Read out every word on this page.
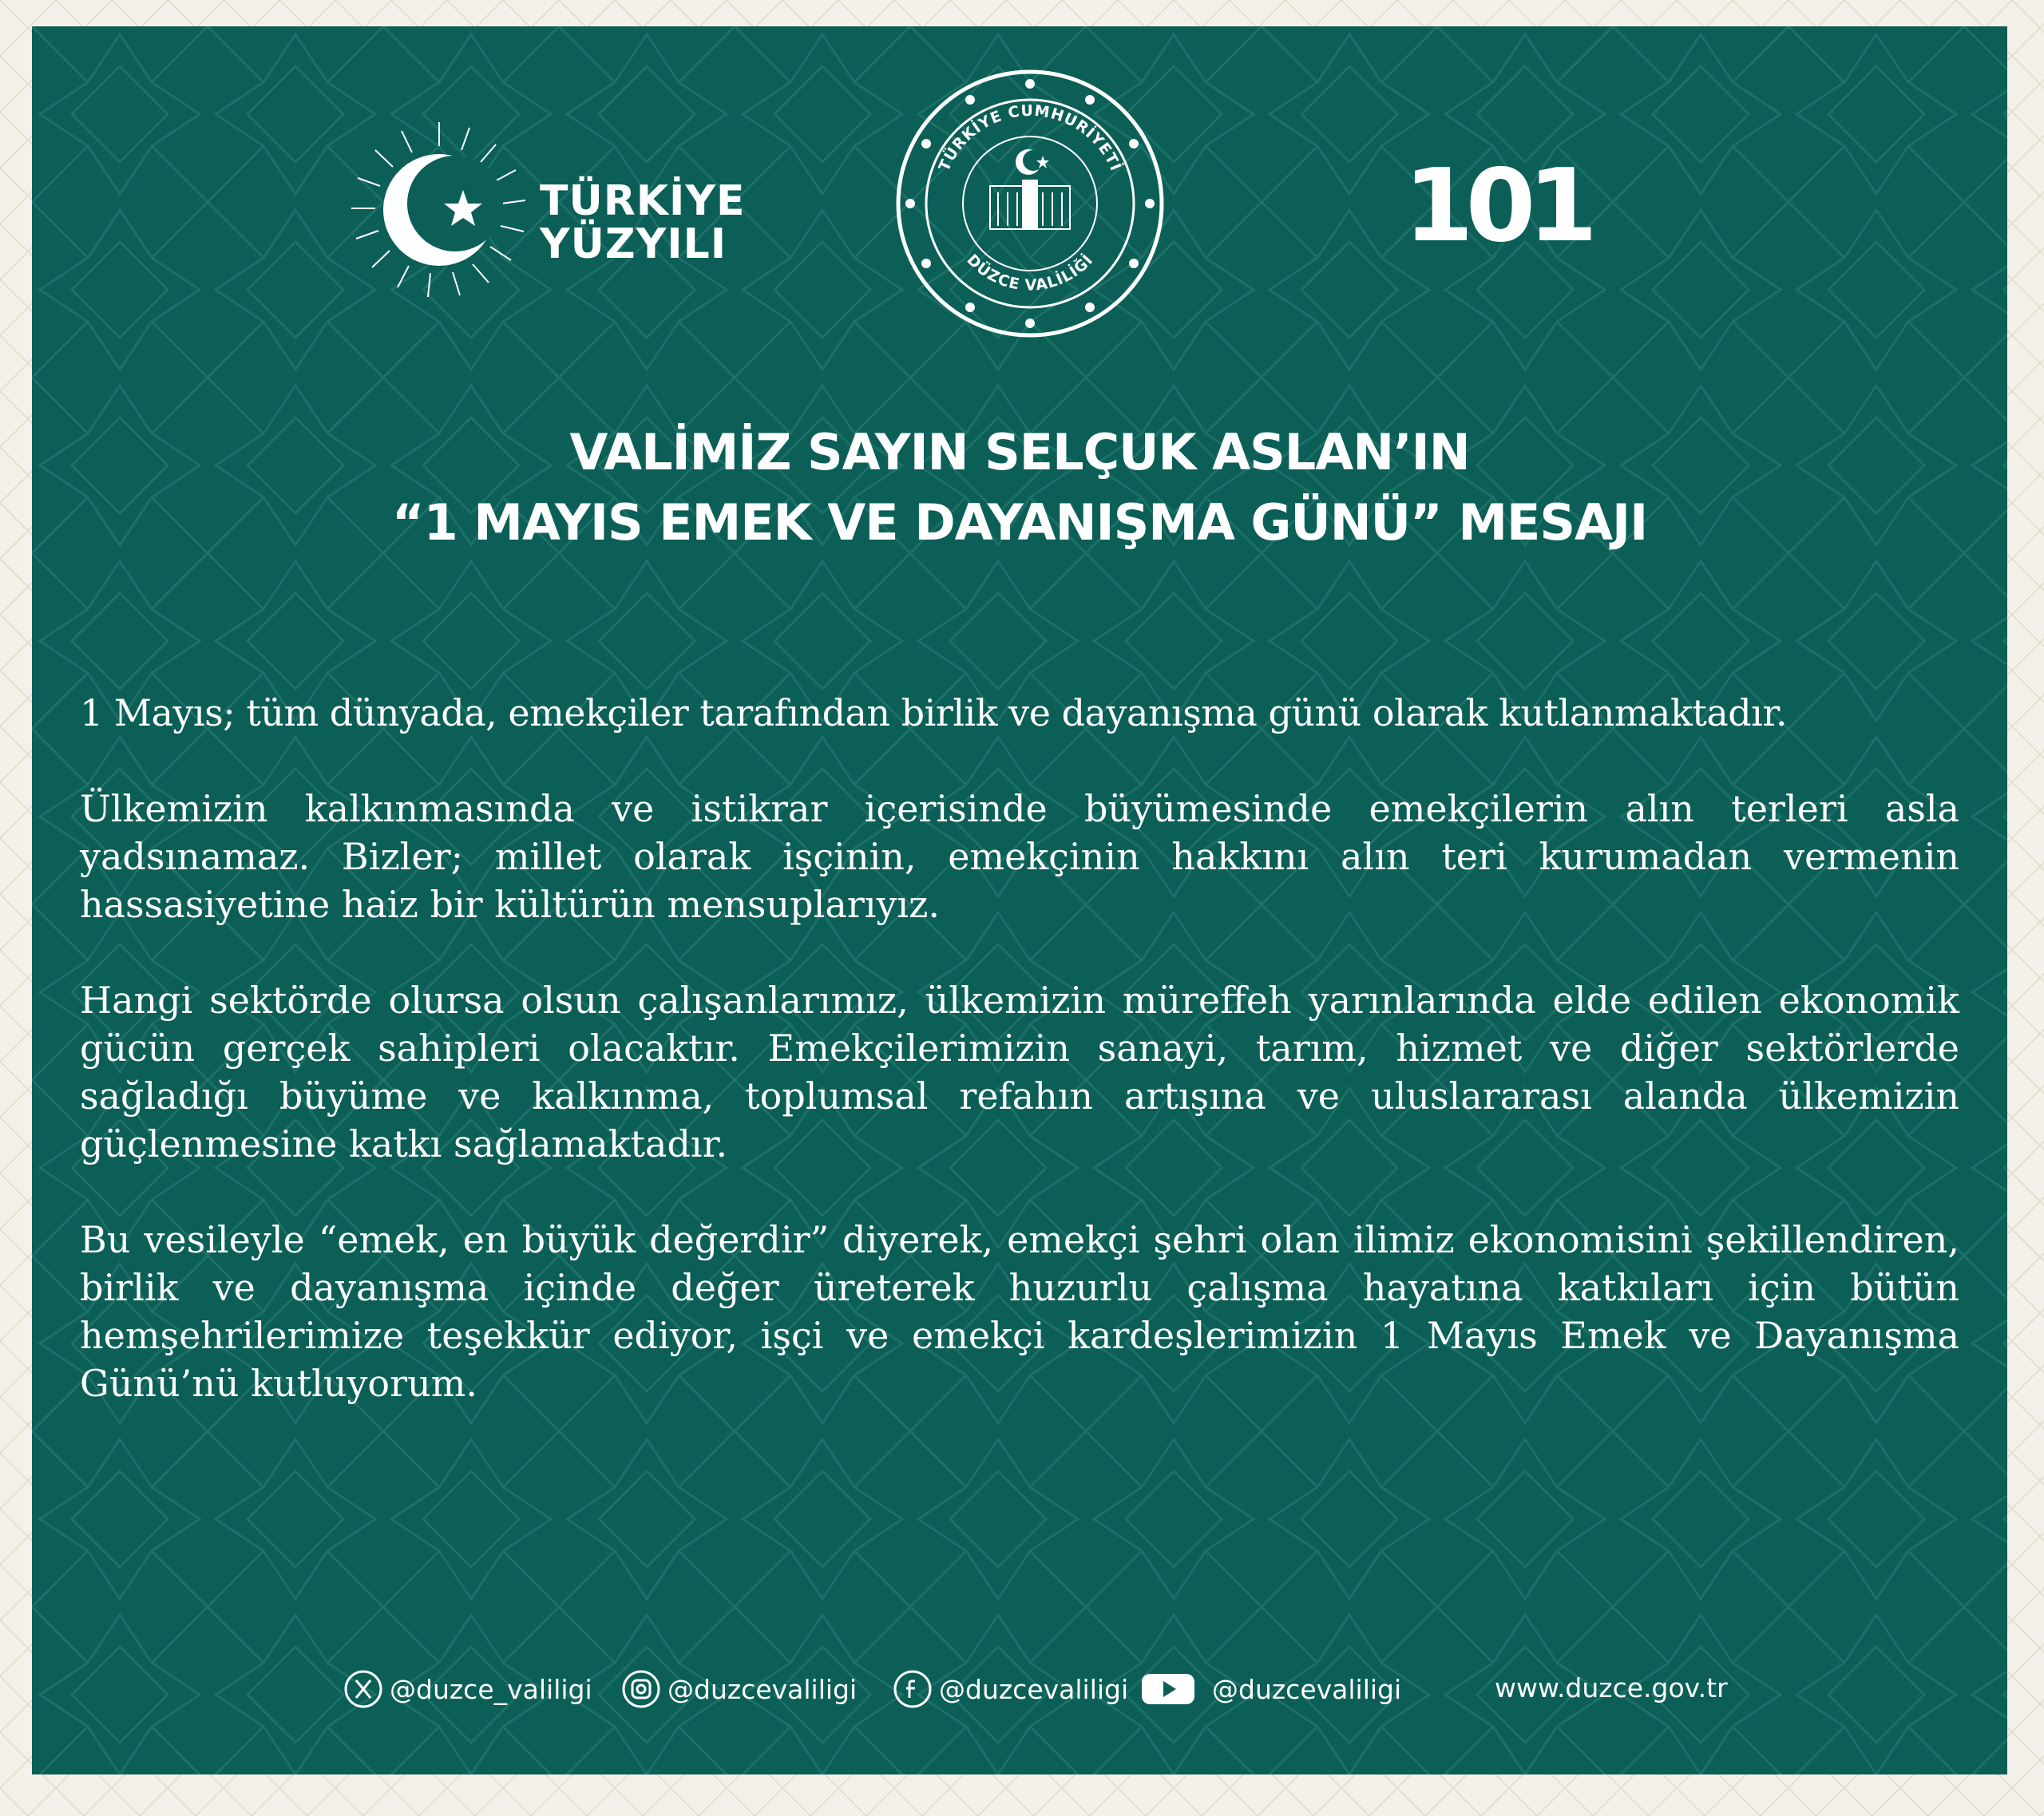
TÜRKİYE
YÜZYILI
TÜRKİYE CUMHURİYETİ
DÜZCE VALİLİĞİ	101
VALİMİZ SAYIN SELÇUK ASLAN’IN
“1 MAYIS EMEK VE DAYANIŞMA GÜNÜ” MESAJI

1 Mayıs; tüm dünyada, emekçiler tarafından birlik ve dayanışma günü olarak kutlanmaktadır.

Ülkemizin kalkınmasında ve istikrar içerisinde büyümesinde emekçilerin alın terleri asla yadsınamaz. Bizler; millet olarak işçinin, emekçinin hakkını alın teri kurumadan vermenin hassasiyetine haiz bir kültürün mensuplarıyız.

Hangi sektörde olursa olsun çalışanlarımız, ülkemizin müreffeh yarınlarında elde edilen ekonomik gücün gerçek sahipleri olacaktır. Emekçilerimizin sanayi, tarım, hizmet ve diğer sektörlerde sağladığı büyüme ve kalkınma, toplumsal refahın artışına ve uluslararası alanda ülkemizin güçlenmesine katkı sağlamaktadır.

Bu vesileyle “emek, en büyük değerdir” diyerek, emekçi şehri olan ilimiz ekonomisini şekillendiren, birlik ve dayanışma içinde değer üreterek huzurlu çalışma hayatına katkıları için bütün hemşehrilerimize teşekkür ediyor, işçi ve emekçi kardeşlerimizin 1 Mayıs Emek ve Dayanışma Günü’nü kutluyorum.

@duzce_valiligi	@duzcevaliligi	@duzcevaliligi	@duzcevaliligi	www.duzce.gov.tr
